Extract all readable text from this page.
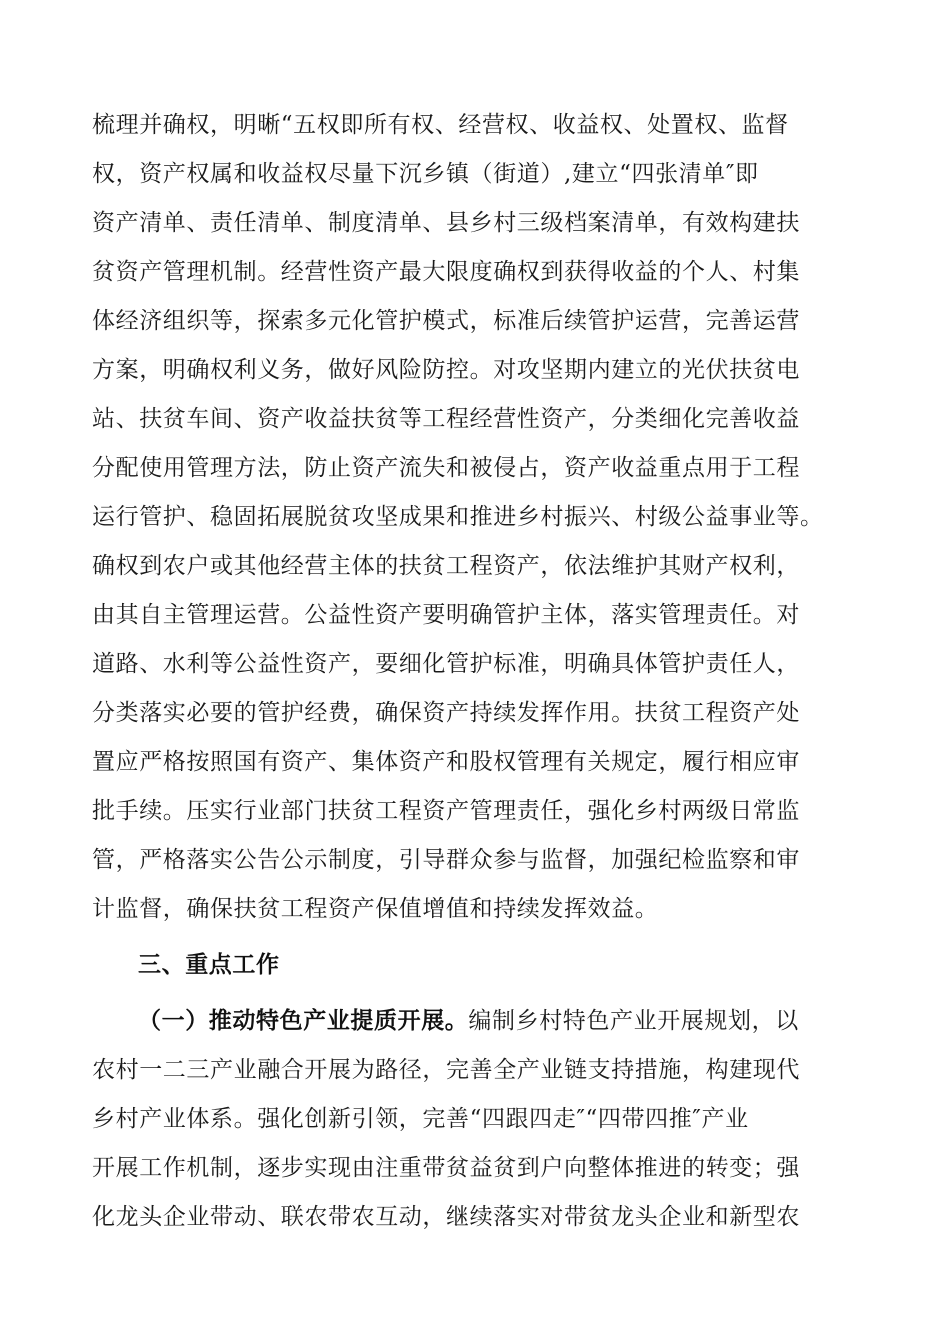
梳理并确权，明晰“五权即所有权、经营权、收益权、处置权、监督
权，资产权属和收益权尽量下沉乡镇（街道）,建立“四张清单″即
资产清单、责任清单、制度清单、县乡村三级档案清单，有效构建扶
贫资产管理机制。经营性资产最大限度确权到获得收益的个人、村集
体经济组织等，探索多元化管护模式，标准后续管护运营，完善运营
方案，明确权利义务，做好风险防控。对攻坚期内建立的光伏扶贫电
站、扶贫车间、资产收益扶贫等工程经营性资产，分类细化完善收益
分配使用管理方法，防止资产流失和被侵占，资产收益重点用于工程
运行管护、稳固拓展脱贫攻坚成果和推进乡村振兴、村级公益事业等。
确权到农户或其他经营主体的扶贫工程资产，依法维护其财产权利，
由其自主管理运营。公益性资产要明确管护主体，落实管理责任。对
道路、水利等公益性资产，要细化管护标准，明确具体管护责任人，
分类落实必要的管护经费，确保资产持续发挥作用。扶贫工程资产处
置应严格按照国有资产、集体资产和股权管理有关规定，履行相应审
批手续。压实行业部门扶贫工程资产管理责任，强化乡村两级日常监
管，严格落实公告公示制度，引导群众参与监督，加强纪检监察和审
计监督，确保扶贫工程资产保值增值和持续发挥效益。
三、重点工作
（一）推动特色产业提质开展。编制乡村特色产业开展规划，以
农村一二三产业融合开展为路径，完善全产业链支持措施，构建现代
乡村产业体系。强化创新引领，完善“四跟四走″“四带四推″产业
开展工作机制，逐步实现由注重带贫益贫到户向整体推进的转变；强
化龙头企业带动、联农带农互动，继续落实对带贫龙头企业和新型农
